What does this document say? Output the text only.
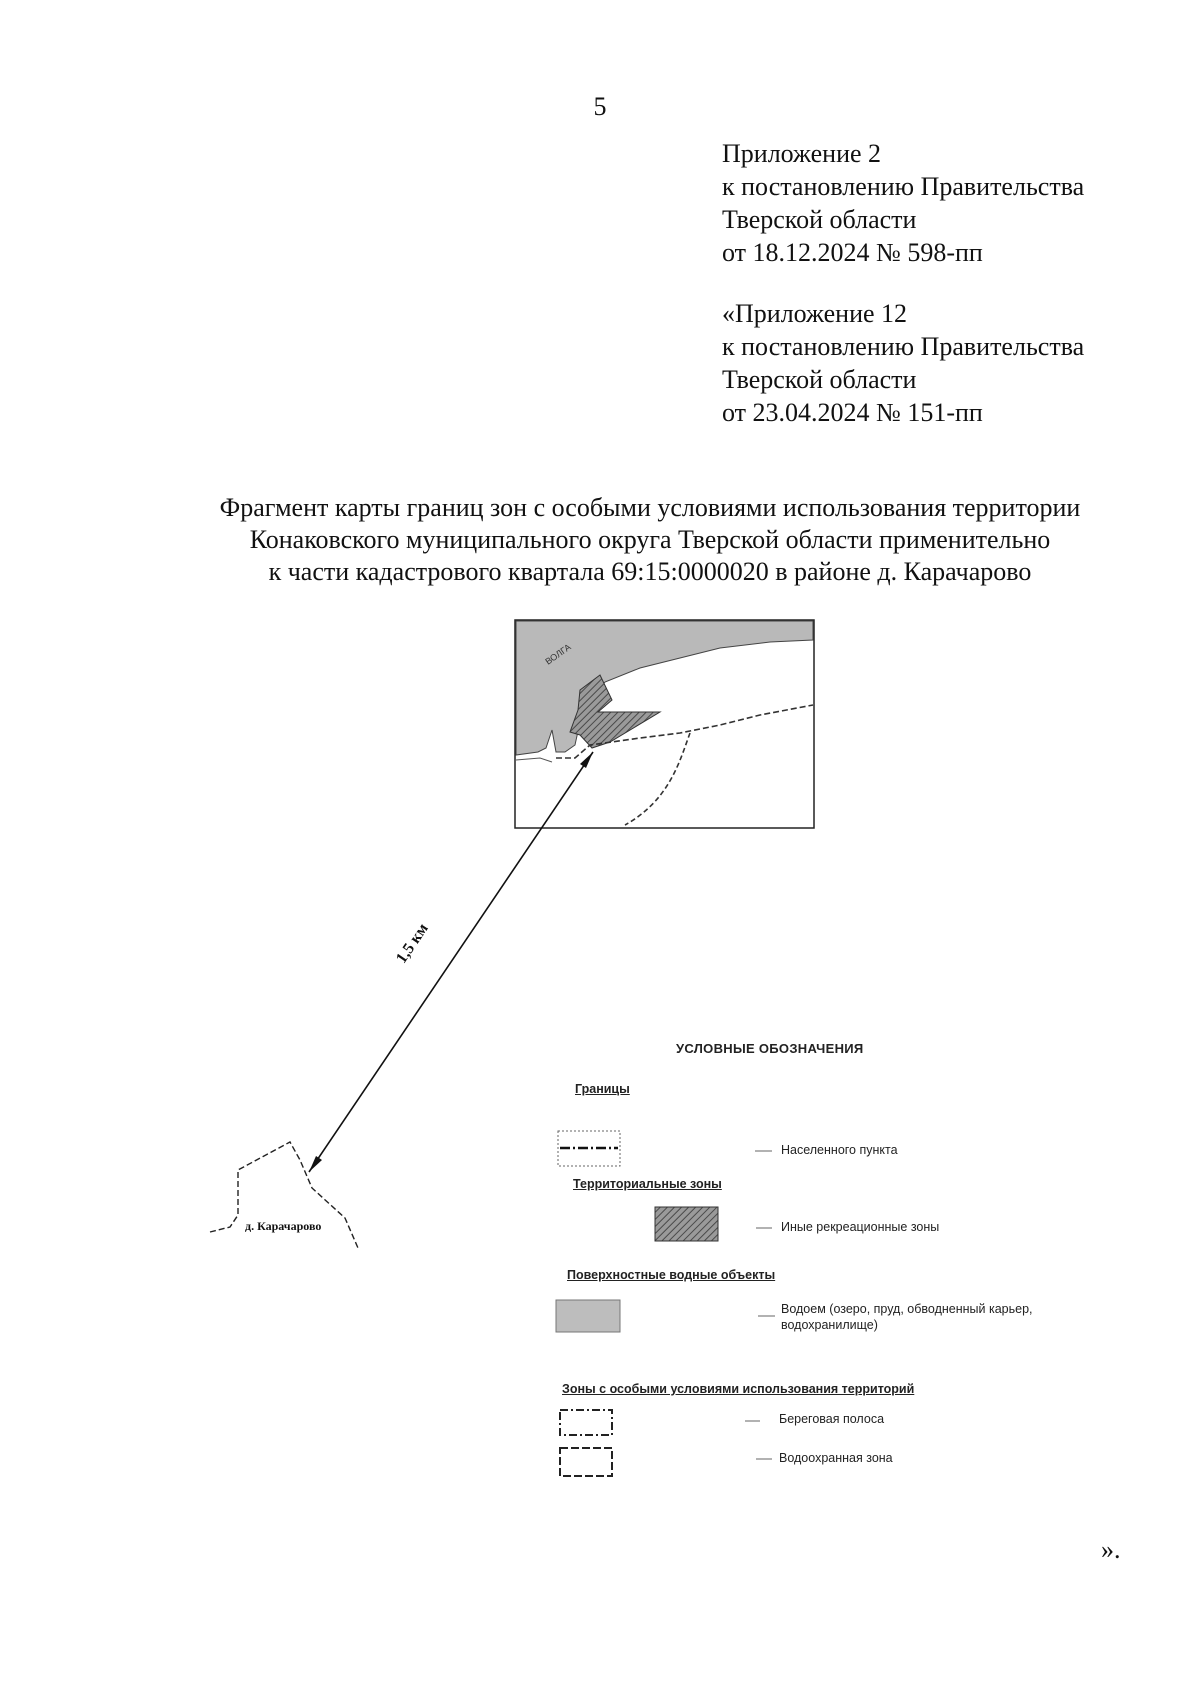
5
Приложение 2
к постановлению Правительства
Тверской области
от 18.12.2024 № 598-пп
«Приложение 12
к постановлению Правительства
Тверской области
от 23.04.2024 № 151-пп
Фрагмент карты границ зон с особыми условиями использования территории
Конаковского муниципального округа Тверской области применительно
к части кадастрового квартала 69:15:0000020 в районе д. Карачарово
ВОЛГА
1,5 км
д. Карачарово
УСЛОВНЫЕ ОБОЗНАЧЕНИЯ
Границы
Населенного пункта
Территориальные зоны
Иные рекреационные зоны
Поверхностные водные объекты
Водоем (озеро, пруд, обводненный карьер,
водохранилище)
Зоны с особыми условиями использования территорий
Береговая полоса
Водоохранная зона
».
